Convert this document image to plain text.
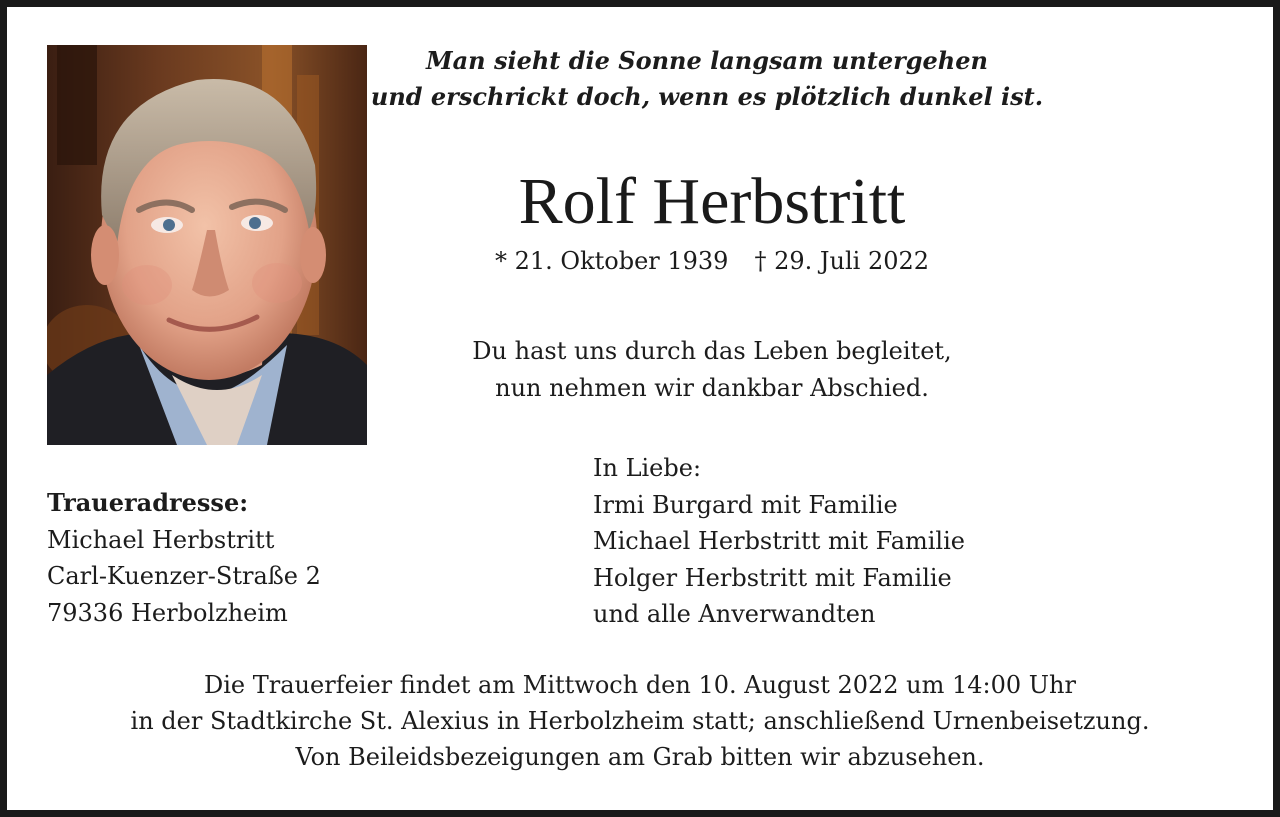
Man sieht die Sonne langsam untergehen
und erschrickt doch, wenn es plötzlich dunkel ist.
Rolf Herbstritt
* 21. Oktober 1939 † 29. Juli 2022
Du hast uns durch das Leben begleitet,
nun nehmen wir dankbar Abschied.
In Liebe:
Irmi Burgard mit Familie
Michael Herbstritt mit Familie
Holger Herbstritt mit Familie
und alle Anverwandten
Traueradresse:
Michael Herbstritt
Carl-Kuenzer-Straße 2
79336 Herbolzheim
Die Trauerfeier findet am Mittwoch den 10. August 2022 um 14:00 Uhr
in der Stadtkirche St. Alexius in Herbolzheim statt; anschließend Urnenbeisetzung.
Von Beileidsbezeigungen am Grab bitten wir abzusehen.
